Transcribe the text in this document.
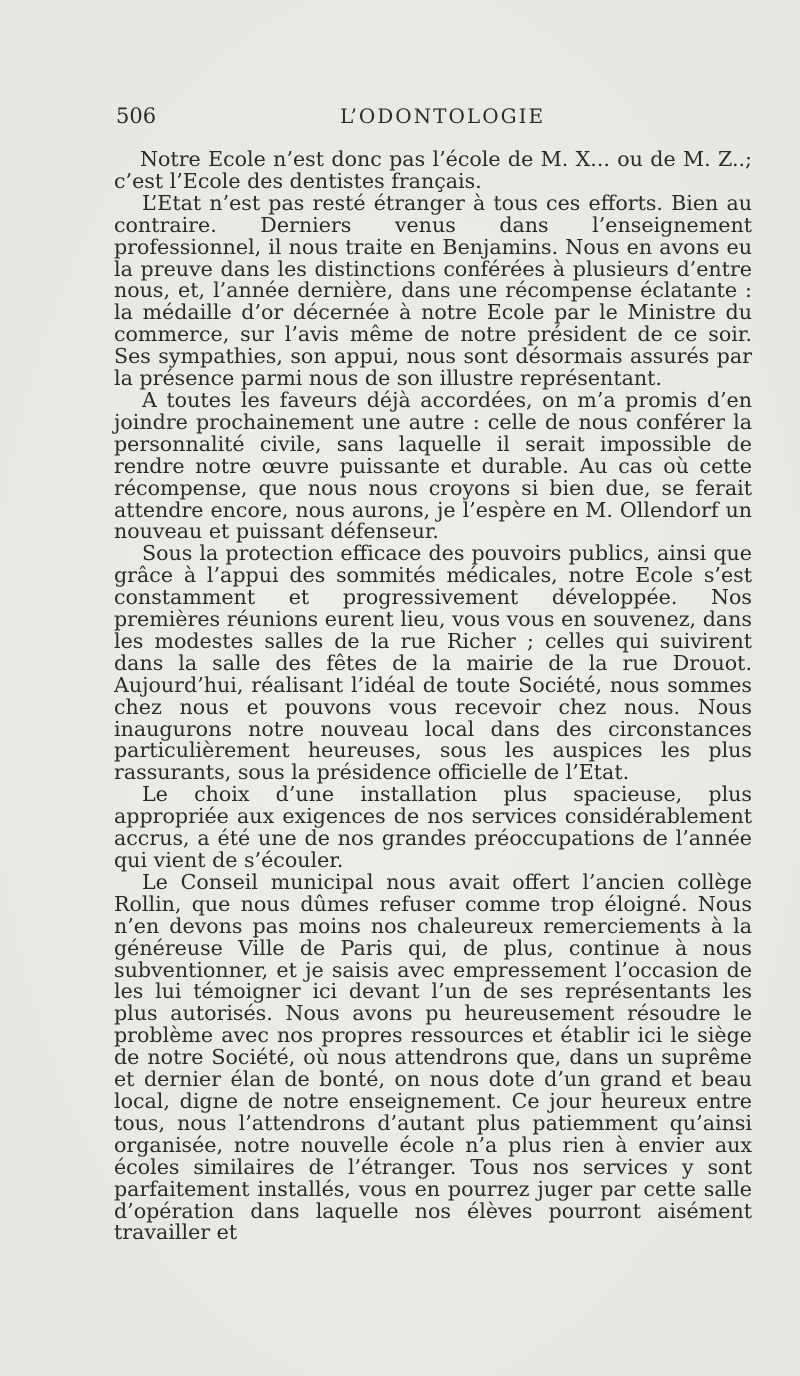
506	L’ODONTOLOGIE

Notre Ecole n’est donc pas l’école de M. X... ou de M. Z..; c’est l’Ecole des dentistes français.

L’Etat n’est pas resté étranger à tous ces efforts. Bien au contraire. Derniers venus dans l’enseignement professionnel, il nous traite en Benjamins. Nous en avons eu la preuve dans les distinctions conférées à plusieurs d’entre nous, et, l’année dernière, dans une récompense éclatante : la médaille d’or décernée à notre Ecole par le Ministre du commerce, sur l’avis même de notre président de ce soir. Ses sympathies, son appui, nous sont désormais assurés par la présence parmi nous de son illustre représentant.

A toutes les faveurs déjà accordées, on m’a promis d’en joindre prochainement une autre : celle de nous conférer la personnalité civile, sans laquelle il serait impossible de rendre notre œuvre puissante et durable. Au cas où cette récompense, que nous nous croyons si bien due, se ferait attendre encore, nous aurons, je l’espère en M. Ollendorf un nouveau et puissant défenseur.

Sous la protection efficace des pouvoirs publics, ainsi que grâce à l’appui des sommités médicales, notre Ecole s’est constamment et progressivement développée. Nos premières réunions eurent lieu, vous vous en souvenez, dans les modestes salles de la rue Richer ; celles qui suivirent dans la salle des fêtes de la mairie de la rue Drouot. Aujourd’hui, réalisant l’idéal de toute Société, nous sommes chez nous et pouvons vous recevoir chez nous. Nous inaugurons notre nouveau local dans des circonstances particulièrement heureuses, sous les auspices les plus rassurants, sous la présidence officielle de l’Etat.

Le choix d’une installation plus spacieuse, plus appropriée aux exigences de nos services considérablement accrus, a été une de nos grandes préoccupations de l’année qui vient de s’écouler.

Le Conseil municipal nous avait offert l’ancien collège Rollin, que nous dûmes refuser comme trop éloigné. Nous n’en devons pas moins nos chaleureux remerciements à la généreuse Ville de Paris qui, de plus, continue à nous subventionner, et je saisis avec empressement l’occasion de les lui témoigner ici devant l’un de ses représentants les plus autorisés. Nous avons pu heureusement résoudre le problème avec nos propres ressources et établir ici le siège de notre Société, où nous attendrons que, dans un suprême et dernier élan de bonté, on nous dote d’un grand et beau local, digne de notre enseignement. Ce jour heureux entre tous, nous l’attendrons d’autant plus patiemment qu’ainsi organisée, notre nouvelle école n’a plus rien à envier aux écoles similaires de l’étranger. Tous nos services y sont parfaitement installés, vous en pourrez juger par cette salle d’opération dans laquelle nos élèves pourront aisément travailler et
